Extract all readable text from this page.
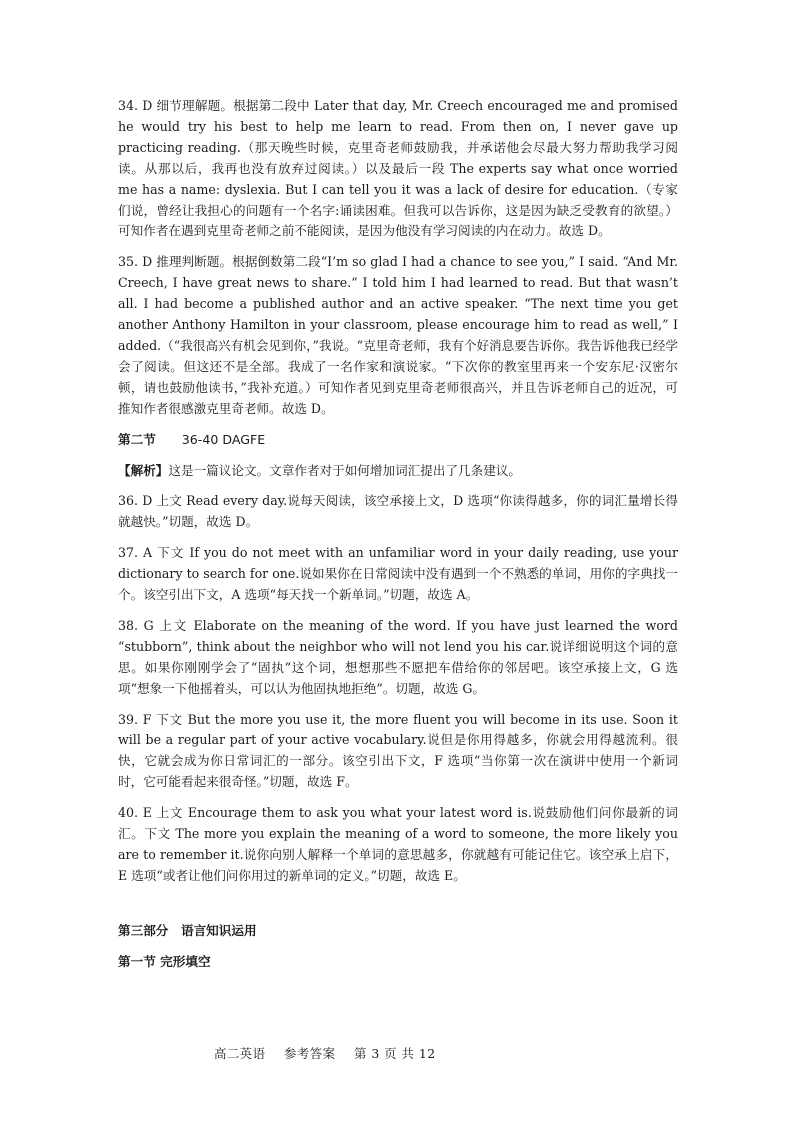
34. D 细节理解题。根据第二段中 Later that day, Mr. Creech encouraged me and promised he would try his best to help me learn to read. From then on, I never gave up practicing reading.（那天晚些时候，克里奇老师鼓励我，并承诺他会尽最大努力帮助我学习阅读。从那以后，我再也没有放弃过阅读。）以及最后一段 The experts say what once worried me has a name: dyslexia. But I can tell you it was a lack of desire for education.（专家们说，曾经让我担心的问题有一个名字:诵读困难。但我可以告诉你，这是因为缺乏受教育的欲望。）可知作者在遇到克里奇老师之前不能阅读，是因为他没有学习阅读的内在动力。故选 D。

35. D 推理判断题。根据倒数第二段“I’m so glad I had a chance to see you,” I said. “And Mr. Creech, I have great news to share.” I told him I had learned to read. But that wasn’t all. I had become a published author and an active speaker. “The next time you get another Anthony Hamilton in your classroom, please encourage him to read as well,” I added.（“我很高兴有机会见到你，”我说。“克里奇老师，我有个好消息要告诉你。我告诉他我已经学会了阅读。但这还不是全部。我成了一名作家和演说家。“下次你的教室里再来一个安东尼·汉密尔顿，请也鼓励他读书，”我补充道。）可知作者见到克里奇老师很高兴，并且告诉老师自己的近况，可推知作者很感激克里奇老师。故选 D。

第二节 36-40 DAGFE

【解析】这是一篇议论文。文章作者对于如何增加词汇提出了几条建议。

36. D 上文 Read every day.说每天阅读，该空承接上文，D 选项“你读得越多，你的词汇量增长得就越快。”切题，故选 D。

37. A 下文 If you do not meet with an unfamiliar word in your daily reading, use your dictionary to search for one.说如果你在日常阅读中没有遇到一个不熟悉的单词，用你的字典找一个。该空引出下文，A 选项“每天找一个新单词。”切题，故选 A。

38. G 上文 Elaborate on the meaning of the word. If you have just learned the word “stubborn”, think about the neighbor who will not lend you his car.说详细说明这个词的意思。如果你刚刚学会了“固执”这个词，想想那些不愿把车借给你的邻居吧。该空承接上文，G 选项“想象一下他摇着头，可以认为他固执地拒绝”。切题，故选 G。

39. F 下文 But the more you use it, the more fluent you will become in its use. Soon it will be a regular part of your active vocabulary.说但是你用得越多，你就会用得越流利。很快，它就会成为你日常词汇的一部分。该空引出下文，F 选项“当你第一次在演讲中使用一个新词时，它可能看起来很奇怪。”切题，故选 F。

40. E 上文 Encourage them to ask you what your latest word is.说鼓励他们问你最新的词汇。下文 The more you explain the meaning of a word to someone, the more likely you are to remember it.说你向别人解释一个单词的意思越多，你就越有可能记住它。该空承上启下，E 选项“或者让他们问你用过的新单词的定义。”切题，故选 E。

第三部分　语言知识运用
第一节 完形填空
高二英语 参考答案 第 3 页 共 12
